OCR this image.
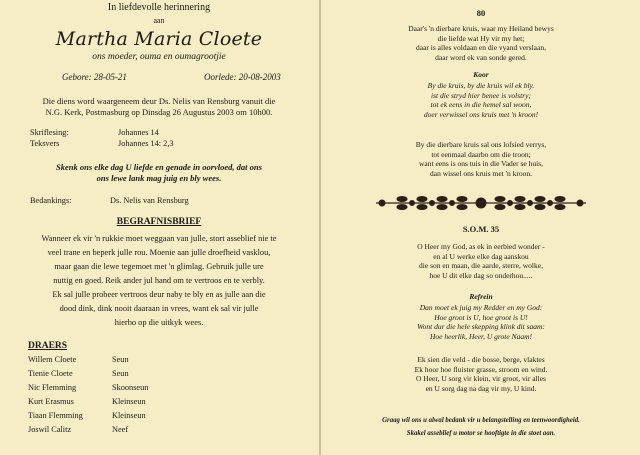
In liefdevolle herinnering
aan
Martha Maria Cloete
ons moeder, ouma en oumagrootjie
Gebore: 28-05-21	Oorlede: 20-08-2003
Die diens word waargeneem deur Ds. Nelis van Rensburg vanuit die
N.G. Kerk, Postmasburg op Dinsdag 26 Augustus 2003 om 10h00.
Skriflesing:	Johannes 14
Teksvers	Johannes 14: 2,3
Skenk ons elke dag U liefde en genade in oorvloed, dat ons
ons lewe lank mag juig en bly wees.
Bedankings:	Ds. Nelis van Rensburg
BEGRAFNISBRIEF
Wanneer ek vir 'n rukkie moet weggaan van julle, stort asseblief nie te
veel trane en beperk julle rou. Moenie aan julle droefheid vasklou,
maar gaan die lewe tegemoet met 'n glimlag. Gebruik julle ure
nuttig en goed. Reik ander jul hand om te vertroos en te verbly.
Ek sal julle probeer vertroos deur naby te bly en as julle aan die
dood dink, dink nooit daaraan in vrees, want ek sal vir julle
hierbo op die uitkyk wees.
DRAERS
Willem Cloete	Seun
Tienie Cloete	Seun
Nic Flemming	Skoonseun
Kurt Erasmus	Kleinseun
Tiaan Flemming	Kleinseun
Joswil Calitz	Neef
80
Daar's 'n dierbare kruis, waar my Heiland bewys
die liefde wat Hy vir my het;
daar is alles voldaan en die vyand verslaan,
daar word ek van sonde gered.
Koor
By die kruis, by die kruis wil ek bly.
ist die stryd hier benee is volstry;
tot ek eens in die hemel sal woon,
doer verwissel ons kruis met 'n kroon!
By die dierbare kruis sal ons lofsied verrys,
tot eenmaal daarbo om die troon;
want eens is ons tuis in die Vader se huis,
dan wissel ons kruis met 'n kroon.
S.O.M. 35
O Heer my God, as ek in eerbied wonder -
en al U werke elke dag aanskou
die son en maan, die aarde, sterre, wolke,
hoe U dit elke dag so onderhou.....
Refrein
Dan moet ek juig my Redder en my God:
Hoe groot is U, hoe groot is U!
Wont dur die hele skepping klink dit saam:
Hoe heerlik, Heer, U grote Naam!
Ek sien die veld - die bosse, berge, vlaktes
Ek hoor hoe fluister grasse, stroom en wind.
O Heer, U sorg vir klein, vir groot, vir alles
en U sorg dag na dag vir my, U kind.
Graag wil ons u alwal bedank vir u belangstelling en teenwoordigheid.
Skakel asseblief u motor se hooftigte in die stoet aan.
